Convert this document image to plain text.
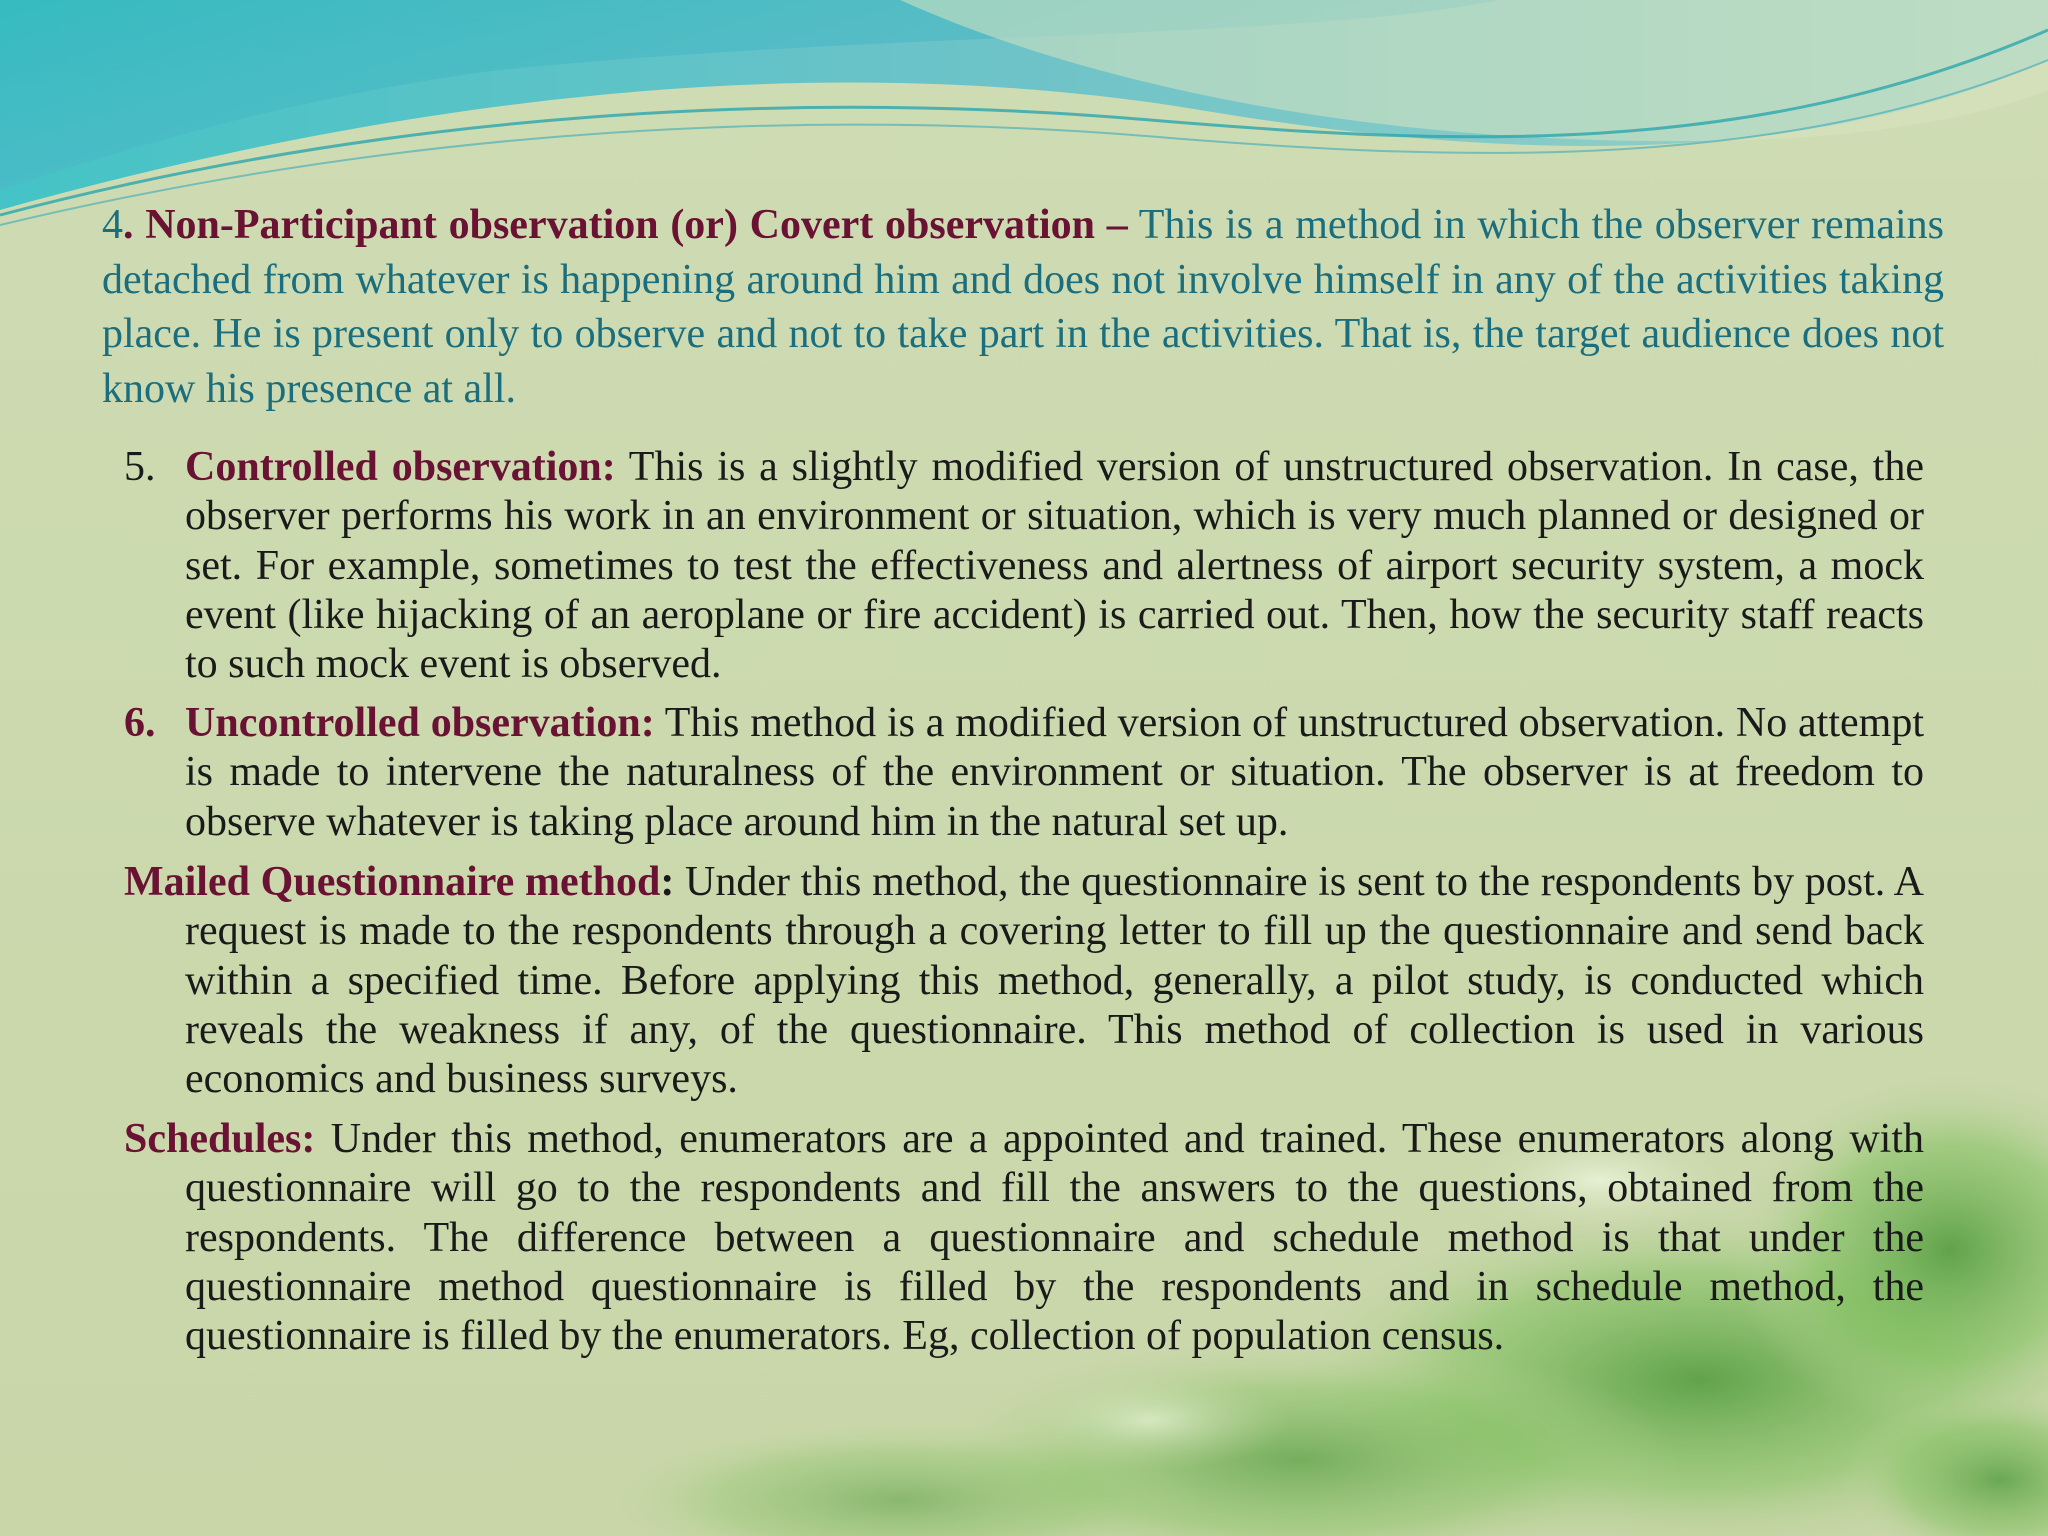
4. Non-Participant observation (or) Covert observation – This is a method in which the observer remains detached from whatever is happening around him and does not involve himself in any of the activities taking place. He is present only to observe and not to take part in the activities. That is, the target audience does not know his presence at all.

5. Controlled observation: This is a slightly modified version of unstructured observation. In case, the observer performs his work in an environment or situation, which is very much planned or designed or set. For example, sometimes to test the effectiveness and alertness of airport security system, a mock event (like hijacking of an aeroplane or fire accident) is carried out. Then, how the security staff reacts to such mock event is observed.

6. Uncontrolled observation: This method is a modified version of unstructured observation. No attempt is made to intervene the naturalness of the environment or situation. The observer is at freedom to observe whatever is taking place around him in the natural set up.

Mailed Questionnaire method: Under this method, the questionnaire is sent to the respondents by post. A request is made to the respondents through a covering letter to fill up the questionnaire and send back within a specified time. Before applying this method, generally, a pilot study, is conducted which reveals the weakness if any, of the questionnaire. This method of collection is used in various economics and business surveys.

Schedules: Under this method, enumerators are a appointed and trained. These enumerators along with questionnaire will go to the respondents and fill the answers to the questions, obtained from the respondents. The difference between a questionnaire and schedule method is that under the questionnaire method questionnaire is filled by the respondents and in schedule method, the questionnaire is filled by the enumerators. Eg, collection of population census.
